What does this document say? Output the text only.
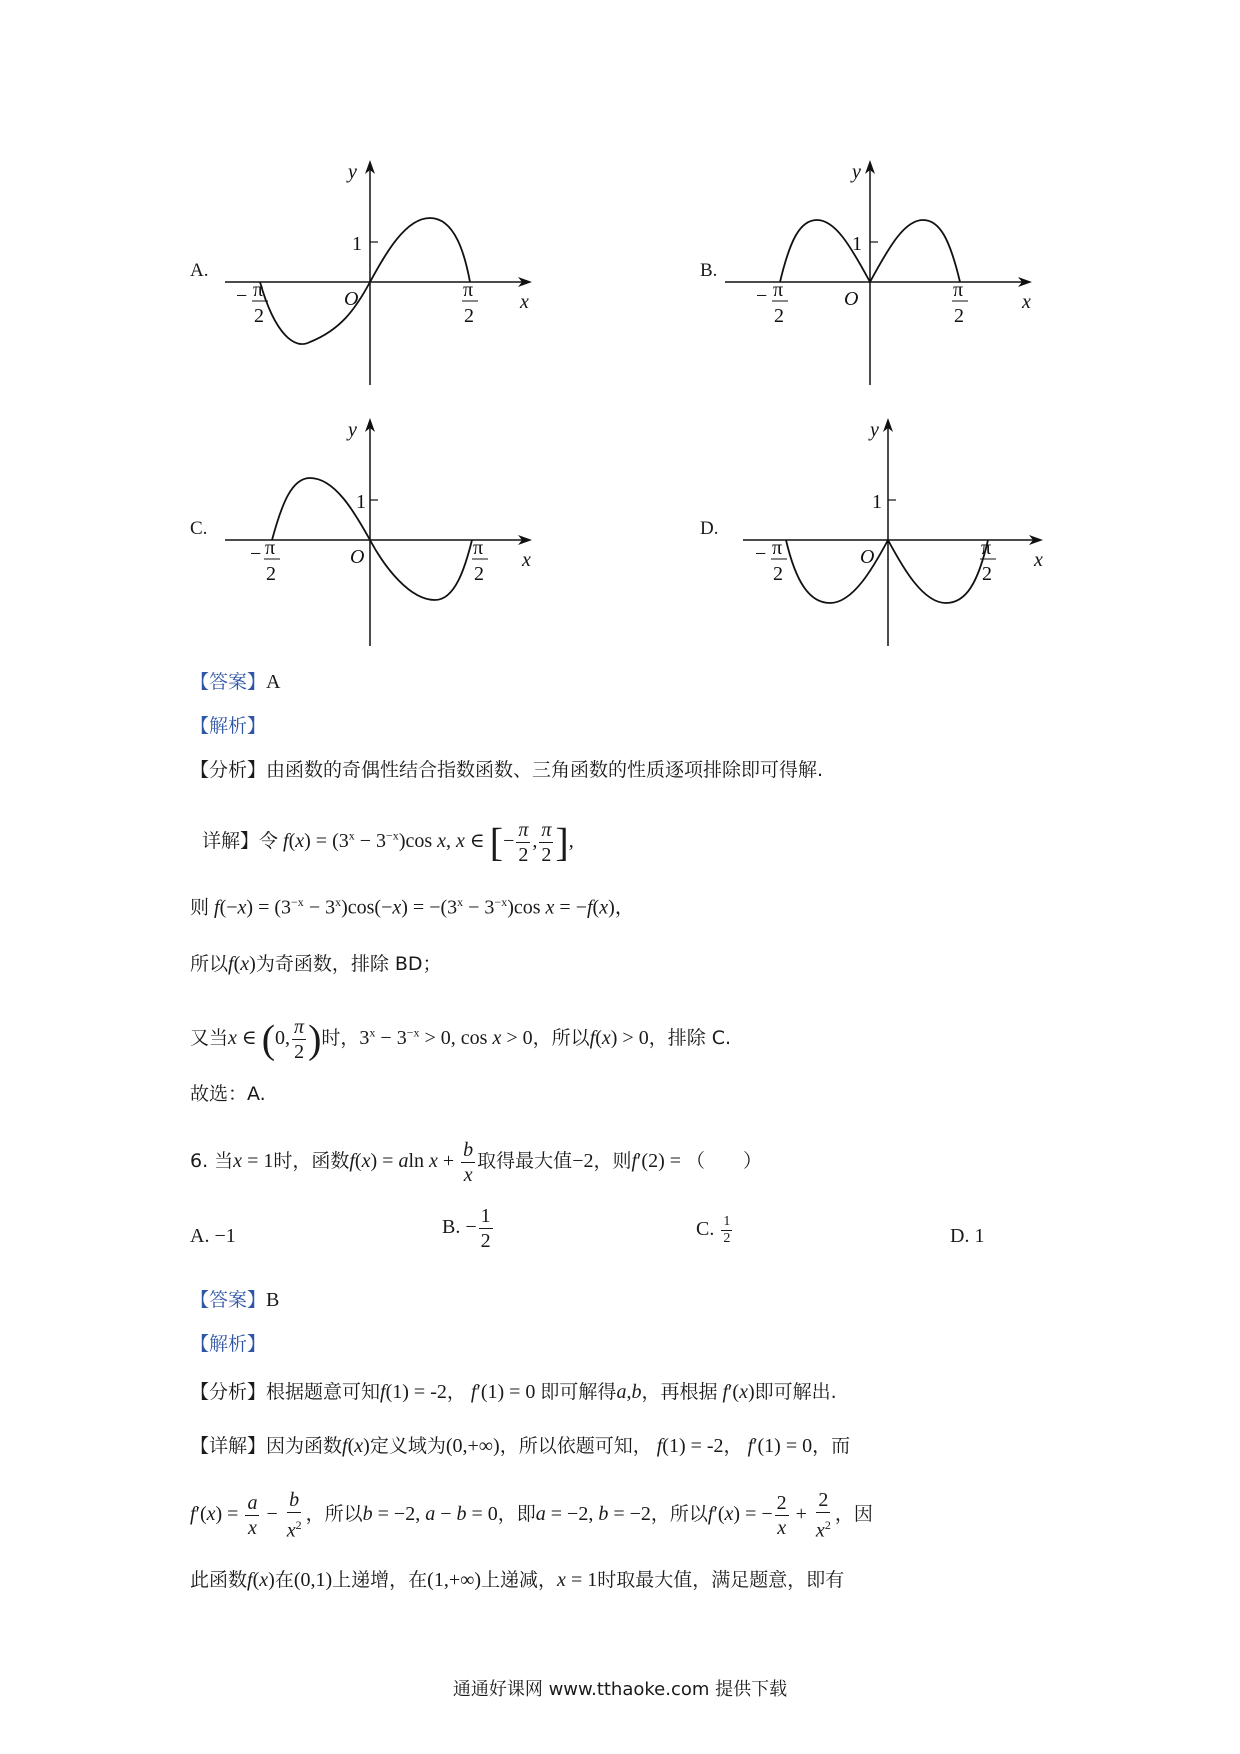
A.	B.
C.	D.
y
x
O
1
− π
2
π
2
y
x
O
1
− π
2
π
2
y
x
O
1
− π
2
π
2
y
x
O
1
− π
2
π
2
【答案】A
【解析】
【分析】由函数的奇偶性结合指数函数、三角函数的性质逐项排除即可得解.
详解】令 $f(x) = (3^x - 3^{-x})\cos$ x, x ∈ [− $\frac{\pi}{2}$ , $\frac{\pi}{2}$ ],
则 $f(-x) = (3^{-x} - 3^x)\cos(-x) = -(3^x - 3^{-x})\cos$ x = −f(x)，
所以f(x)为奇函数，排除 BD；
又当x ∈ (0, $\frac{\pi}{2}$ )时，$3^x - 3^{-x} > 0$, cos x > 0，所以f(x) > 0，排除 C.
故选：A.
6. 当x = 1时，函数f(x) = aln $x + \frac{b}{x}$ 取得最大值−2，则f′(2) = （　　）
A. −1	B. − $\frac{1}{2}$	C. $\frac{1}{2}$	D. 1
【答案】B
【解析】
【分析】根据题意可知f(1) = -2， f′(1) = 0 即可解得a,b，再根据 f′(x)即可解出.
【详解】因为函数f(x)定义域为(0,+∞)，所以依题可知， f(1) = -2， f′(1) = 0，而
$f'(x) = \frac{a}{x} - \frac{b}{x^2}$ ，所以b = −2, a − b = 0，即a = −2, b = −2，所以f′(x) = − $\frac{2}{x} + \frac{2}{x^2}$ ，因
此函数f(x)在(0,1)上递增，在(1,+∞)上递减，x = 1时取最大值，满足题意，即有
通通好课网 www.tthaoke.com 提供下载
